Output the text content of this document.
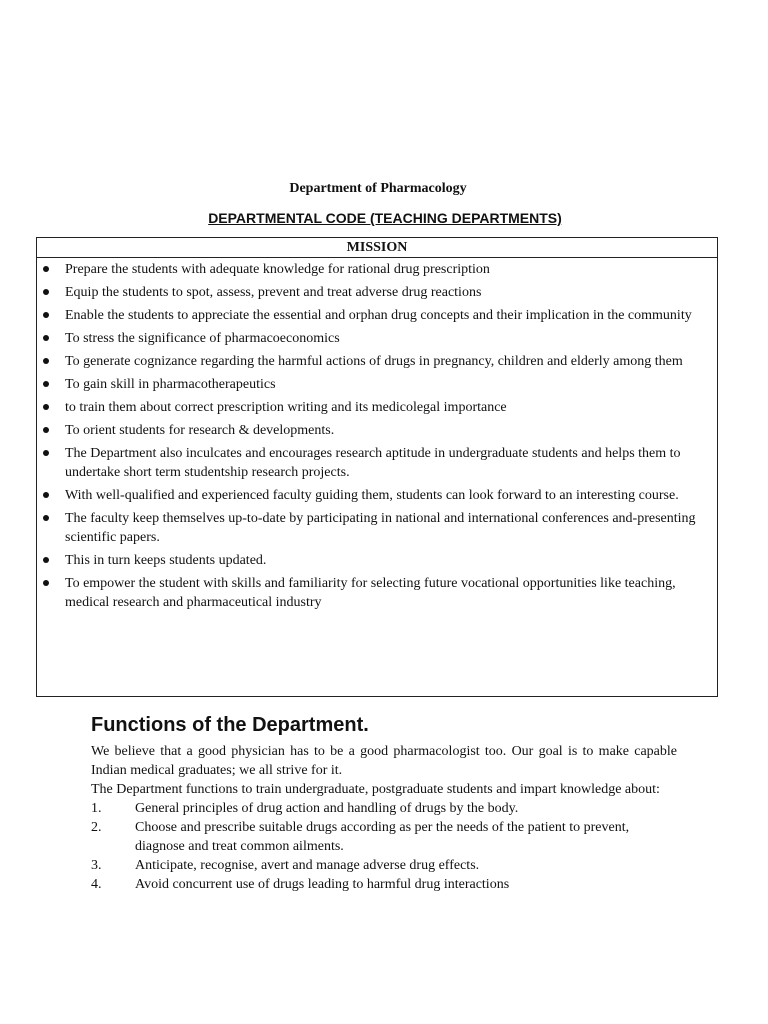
Department of Pharmacology
DEPARTMENTAL CODE (TEACHING DEPARTMENTS)
MISSION
Prepare the students with adequate knowledge for rational drug prescription
Equip the students to spot, assess, prevent and treat adverse drug reactions
Enable the students to appreciate the essential and orphan drug concepts and their implication in the community
To stress the significance of pharmacoeconomics
To generate cognizance regarding the harmful actions of drugs in pregnancy, children and elderly among them
To gain skill in pharmacotherapeutics
to train them about correct prescription writing and its medicolegal importance
To orient students for research & developments.
The Department also inculcates and encourages research aptitude in undergraduate students and helps them to undertake short term studentship research projects.
With well-qualified and experienced faculty guiding them, students can look forward to an interesting course.
The faculty keep themselves up-to-date by participating in national and international conferences and-presenting scientific papers.
This in turn keeps students updated.
To empower the student with skills and familiarity for selecting future vocational opportunities like teaching, medical research and pharmaceutical industry
Functions of the Department.

We believe that a good physician has to be a good pharmacologist too. Our goal is to make capable Indian medical graduates; we all strive for it.

The Department functions to train undergraduate, postgraduate students and impart knowledge about:

1. General principles of drug action and handling of drugs by the body.
2. Choose and prescribe suitable drugs according as per the needs of the patient to prevent, diagnose and treat common ailments.
3. Anticipate, recognise, avert and manage adverse drug effects.
4. Avoid concurrent use of drugs leading to harmful drug interactions
